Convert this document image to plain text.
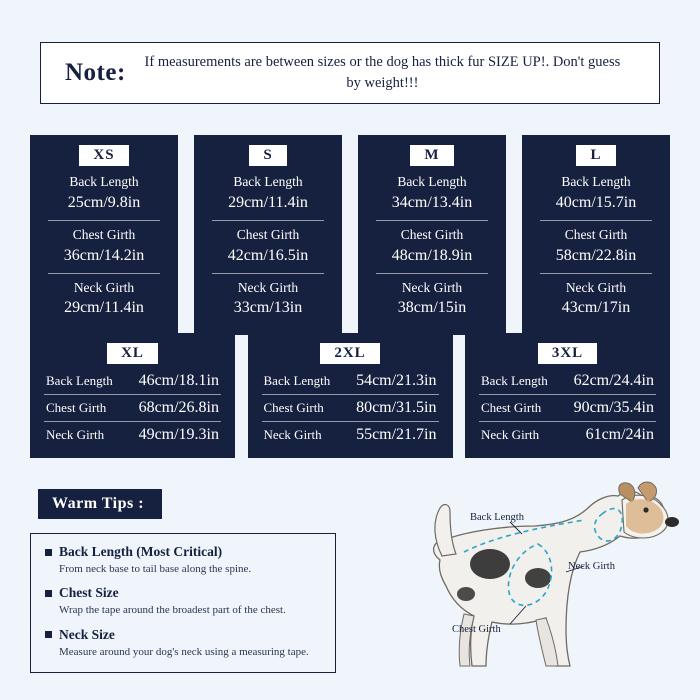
Note:	If measurements are between sizes or the dog has thick fur SIZE UP!. Don't guess by weight!!!
XS
Back Length
25cm/9.8in
Chest Girth
36cm/14.2in
Neck Girth
29cm/11.4in
S
Back Length
29cm/11.4in
Chest Girth
42cm/16.5in
Neck Girth
33cm/13in
M
Back Length
34cm/13.4in
Chest Girth
48cm/18.9in
Neck Girth
38cm/15in
L
Back Length
40cm/15.7in
Chest Girth
58cm/22.8in
Neck Girth
43cm/17in
XL
Back Length 46cm/18.1in
Chest Girth 68cm/26.8in
Neck Girth 49cm/19.3in
2XL
Back Length 54cm/21.3in
Chest Girth 80cm/31.5in
Neck Girth 55cm/21.7in
3XL
Back Length 62cm/24.4in
Chest Girth 90cm/35.4in
Neck Girth	61cm/24in
Warm Tips :
Back Length (Most Critical)
From neck base to tail base along the spine.
Chest Size
Wrap the tape around the broadest part of the chest.
Neck Size
Measure around your dog's neck using a measuring tape.
Back Length
Neck Girth
Chest Girth
